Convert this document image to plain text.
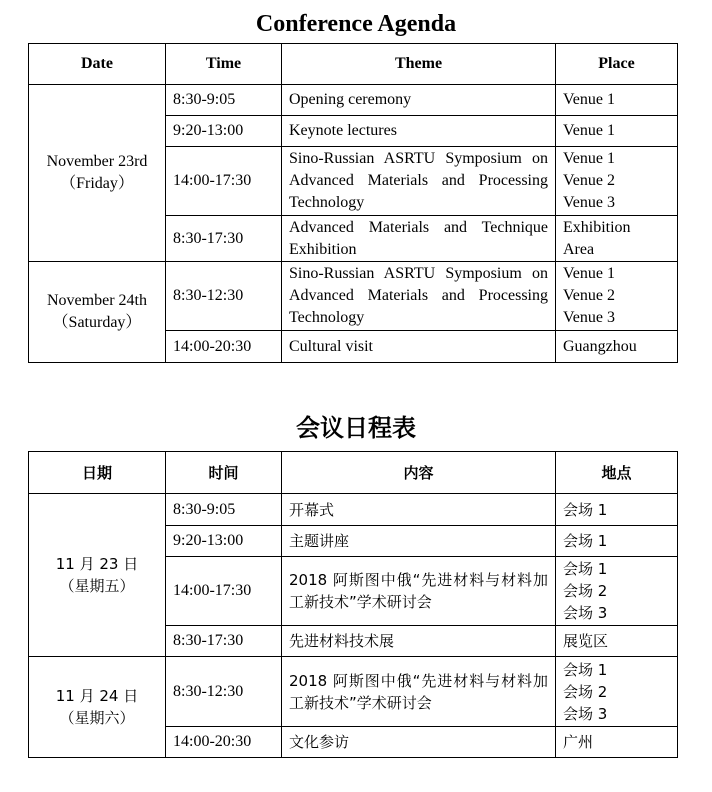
Conference Agenda
Date	Time	Theme	Place

November 23rd
（Friday）	8:30-9:05	Opening ceremony	Venue 1

	9:20-13:00	Keynote lectures	Venue 1

	14:00-17:30	Sino-Russian ASRTU Symposium on Advanced Materials and Processing Technology	Venue 1
Venue 2
Venue 3

	8:30-17:30	Advanced Materials and Technique Exhibition	Exhibition
Area

November 24th
（Saturday）	8:30-12:30	Sino-Russian ASRTU Symposium on Advanced Materials and Processing Technology	Venue 1
Venue 2
Venue 3

	14:00-20:30	Cultural visit	Guangzhou
会议日程表
日期	时间	内容	地点

11 月 23 日
（星期五）	8:30-9:05	开幕式	会场 1

	9:20-13:00	主题讲座	会场 1

	14:00-17:30	2018 阿斯图中俄“先进材料与材料加工新技术”学术研讨会	会场 1
会场 2
会场 3

	8:30-17:30	先进材料技术展	展览区

11 月 24 日
（星期六）	8:30-12:30	2018 阿斯图中俄“先进材料与材料加工新技术”学术研讨会	会场 1
会场 2
会场 3

	14:00-20:30	文化参访	广州
